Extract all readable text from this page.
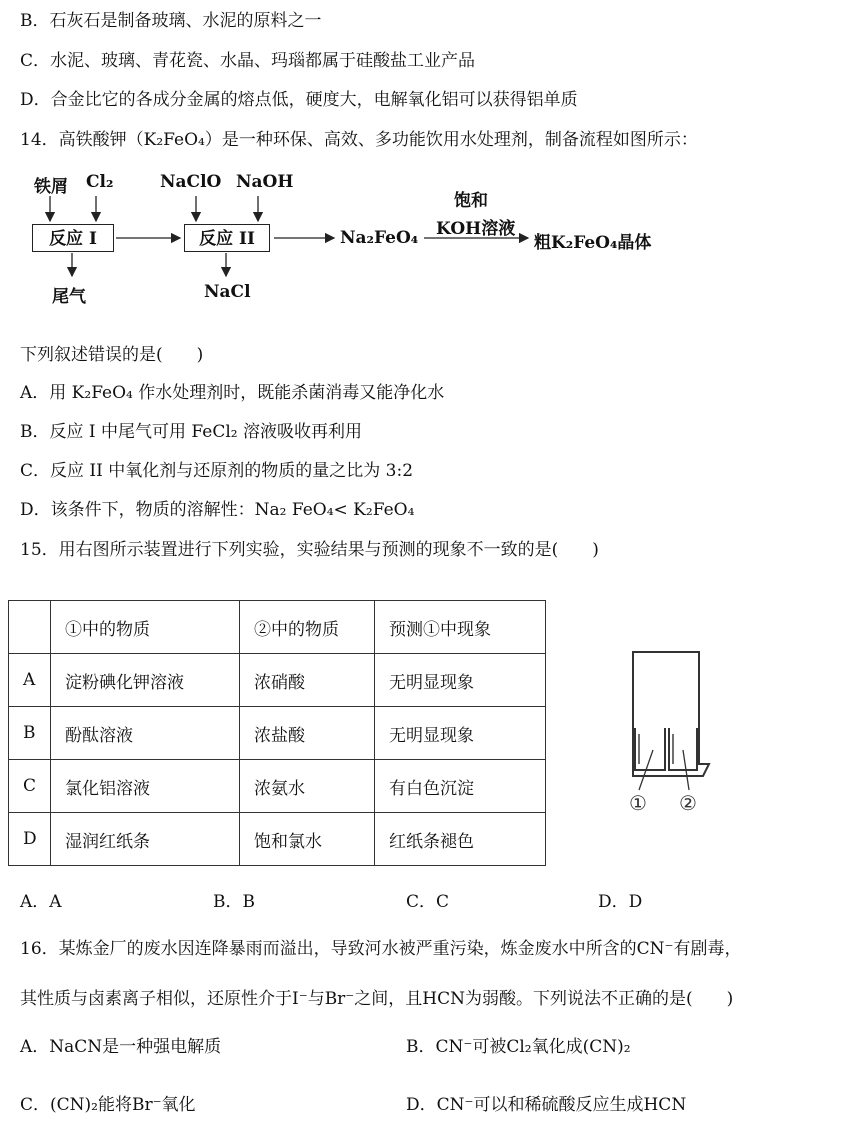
B．石灰石是制备玻璃、水泥的原料之一
C．水泥、玻璃、青花瓷、水晶、玛瑙都属于硅酸盐工业产品
D．合金比它的各成分金属的熔点低，硬度大，电解氧化铝可以获得铝单质
14．高铁酸钾（K₂FeO₄）是一种环保、高效、多功能饮用水处理剂，制备流程如图所示：
铁屑 Cl₂	NaClO NaOH
反应 I	反应 II	Na₂FeO₄
饱和
KOH溶液
粗K₂FeO₄晶体
尾气	NaCl
下列叙述错误的是(　　)
A．用 K₂FeO₄ 作水处理剂时，既能杀菌消毒又能净化水
B．反应 I 中尾气可用 FeCl₂ 溶液吸收再利用
C．反应 II 中氧化剂与还原剂的物质的量之比为 3:2
D．该条件下，物质的溶解性：Na₂ FeO₄< K₂FeO₄
15．用右图所示装置进行下列实验，实验结果与预测的现象不一致的是(　　)
	①中的物质	②中的物质	预测①中现象
A	淀粉碘化钾溶液	浓硝酸	无明显现象
B	酚酞溶液	浓盐酸	无明显现象
C	氯化铝溶液	浓氨水	有白色沉淀
D	湿润红纸条	饱和氯水	红纸条褪色
① ②
A．A	B．B	C．C	D．D
16．某炼金厂的废水因连降暴雨而溢出，导致河水被严重污染，炼金废水中所含的CN⁻有剧毒，
其性质与卤素离子相似，还原性介于I⁻与Br⁻之间，且HCN为弱酸。下列说法不正确的是(　　)
A．NaCN是一种强电解质	B．CN⁻可被Cl₂氧化成(CN)₂
C．(CN)₂能将Br⁻氧化	D．CN⁻可以和稀硫酸反应生成HCN
